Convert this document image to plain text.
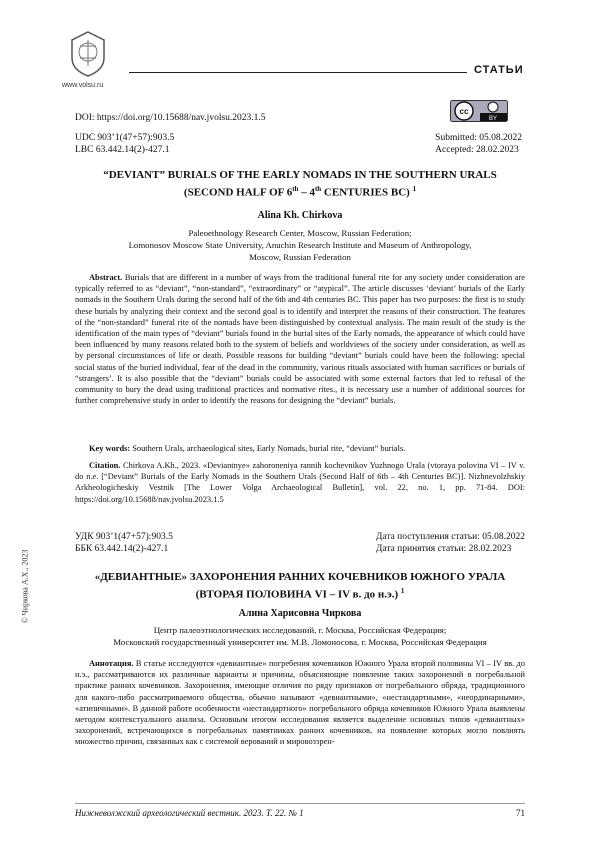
www.volsu.ru
СТАТЬИ
DOI: https://doi.org/10.15688/nav.jvolsu.2023.1.5
cc
BY
UDC 903’1(47+57):903.5
LBC 63.442.14(2)-427.1
Submitted: 05.08.2022
Accepted: 28.02.2023
“DEVIANT” BURIALS OF THE EARLY NOMADS IN THE SOUTHERN URALS
(SECOND HALF OF 6th – 4th CENTURIES BC) $^1$
Alina Kh. Chirkova
Paleoethnology Research Center, Moscow, Russian Federation;
Lomonosov Moscow State University, Anuchin Research Institute and Museum of Anthropology,
Moscow, Russian Federation
Abstract. Burials that are different in a number of ways from the traditional funeral rite for any society under consideration are typically referred to as “deviant”, “non-standard”, “extraordinary” or “atypical”. The article discusses ‘deviant’ burials of the Early nomads in the Southern Urals during the second half of the 6th and 4th centuries BC. This paper has two purposes: the first is to study these burials by analyzing their context and the second goal is to identify and interpret the reasons of their construction. The features of the “non-standard” funeral rite of the nomads have been distinguished by contextual analysis. The main result of the study is the identification of the main types of “deviant” burials found in the burial sites of the Early nomads, the appearance of which could have been influenced by many reasons related both to the system of beliefs and worldviews of the society under consideration, as well as by personal circumstances of life or death. Possible reasons for building “deviant” burials could have been the following: special social status of the buried individual, fear of the dead in the community, various rituals associated with human sacrifices or burials of “strangers’. It is also possible that the “deviant” burials could be associated with some external factors that led to refusal of the community to bury the dead using traditional practices and normative rites., it is necessary use a number of additional sources for further comprehensive study in order to identify the reasons for designing the “deviant” burials.
Key words: Southern Urals, archaeological sites, Early Nomads, burial rite, “deviant” burials.
Citation. Chirkova A.Kh., 2023. «Deviantnye» zahoroneniya rannih kochevnikov Yuzhnogo Urala (vtoraya polovina VI – IV v. do n.e. [“Deviant” Burials of the Early Nomads in the Southern Urals (Second Half of 6th – 4th Centuries BC)]. Nizhnevolzhskiy Arkheologicheskiy Vestnik [The Lower Volga Archaeological Bulletin], vol. 22, no. 1, pp. 71-84. DOI: https://doi.org/10.15688/nav.jvolsu.2023.1.5
УДК 903’1(47+57):903.5
ББК 63.442.14(2)-427.1
Дата поступления статьи: 05.08.2022
Дата принятия статьи: 28.02.2023
«ДЕВИАНТНЫЕ» ЗАХОРОНЕНИЯ РАННИХ КОЧЕВНИКОВ ЮЖНОГО УРАЛА
(ВТОРАЯ ПОЛОВИНА VI – IV в. до н.э.) $^1$
Алина Харисовна Чиркова
Центр палеоэтнологических исследований, г. Москва, Российская Федерация;
Московский государственный университет им. М.В. Ломоносова, г. Москва, Российская Федерация
Аннотация. В статье исследуются «девиантные» погребения кочевников Южного Урала второй половины VI – IV вв. до н.э., рассматриваются их различные варианты и причины, объясняющие появление таких захоронений в погребальной практике ранних кочевников. Захоронения, имеющие отличия по ряду признаков от погребального обряда, традиционного для какого-либо рассматриваемого общества, обычно называют «девиантными», «нестандартными», «неординарными», «атипичными». В данной работе особенности «нестандартного» погребального обряда кочевников Южного Урала выявлены методом контекстуального анализа. Основным итогом исследования является выделение основных типов «девиантных» захоронений, встречающихся в погребальных памятниках ранних кочевников, на появление которых могло повлиять множество причин, связанных как с системой верований и мировоззрен-
© Чиркова А.Х., 2023
Нижневолжский археологический вестник. 2023. Т. 22. № 1	71
